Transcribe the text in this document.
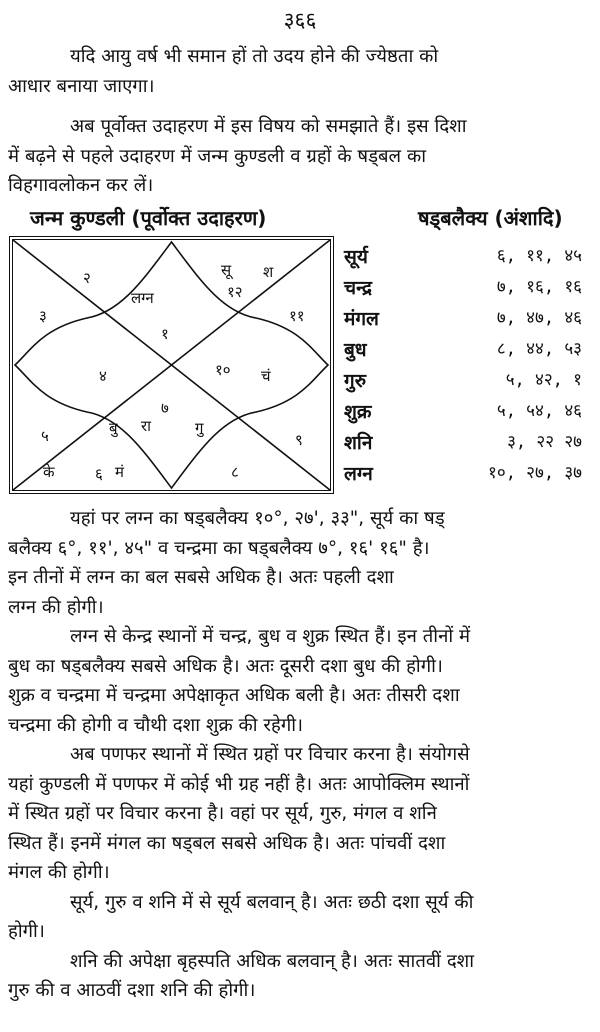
३६६
यदि आयु वर्ष भी समान हों तो उदय होने की ज्येष्ठता को
आधार बनाया जाएगा।
अब पूर्वोक्त उदाहरण में इस विषय को समझाते हैं। इस दिशा
में बढ़ने से पहले उदाहरण में जन्म कुण्डली व ग्रहों के षड्बल का
विहगावलोकन कर लें।
जन्म कुण्डली (पूर्वोक्त उदाहरण)	षड्बलैक्य (अंशादि)
१
२
३
४
५
६
७
८
९
१०
११
१२
लग्न
सू श
चं
गु
रा
के
बु
मं
सूर्य	६, ११, ४५
चन्द्र	७, १६, १६
मंगल	७, ४७, ४६
बुध	८, ४४, ५३
गुरु	५, ४२, १
शुक्र	५, ५४, ४६
शनि	३, २२ २७
लग्न	१०, २७, ३७
यहां पर लग्न का षड्बलैक्य १०°, २७', ३३", सूर्य का षड्
बलैक्य ६°, ११', ४५" व चन्द्रमा का षड्बलैक्य ७°, १६' १६" है।
इन तीनों में लग्न का बल सबसे अधिक है। अतः पहली दशा
लग्न की होगी।
लग्न से केन्द्र स्थानों में चन्द्र, बुध व शुक्र स्थित हैं। इन तीनों में
बुध का षड्बलैक्य सबसे अधिक है। अतः दूसरी दशा बुध की होगी।
शुक्र व चन्द्रमा में चन्द्रमा अपेक्षाकृत अधिक बली है। अतः तीसरी दशा
चन्द्रमा की होगी व चौथी दशा शुक्र की रहेगी।
अब पणफर स्थानों में स्थित ग्रहों पर विचार करना है। संयोगसे
यहां कुण्डली में पणफर में कोई भी ग्रह नहीं है। अतः आपोक्लिम स्थानों
में स्थित ग्रहों पर विचार करना है। वहां पर सूर्य, गुरु, मंगल व शनि
स्थित हैं। इनमें मंगल का षड्बल सबसे अधिक है। अतः पांचवीं दशा
मंगल की होगी।
सूर्य, गुरु व शनि में से सूर्य बलवान् है। अतः छठी दशा सूर्य की
होगी।
शनि की अपेक्षा बृहस्पति अधिक बलवान् है। अतः सातवीं दशा
गुरु की व आठवीं दशा शनि की होगी।
